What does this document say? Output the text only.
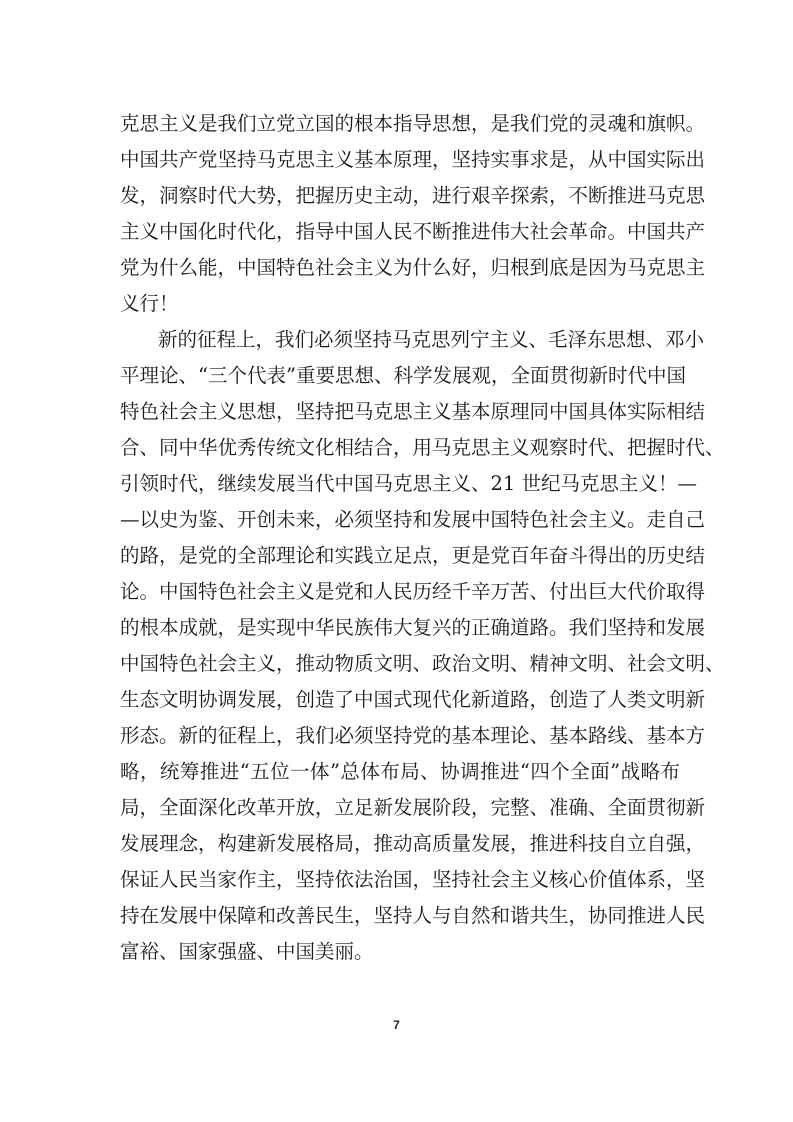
克思主义是我们立党立国的根本指导思想，是我们党的灵魂和旗帜。
中国共产党坚持马克思主义基本原理，坚持实事求是，从中国实际出
发，洞察时代大势，把握历史主动，进行艰辛探索，不断推进马克思
主义中国化时代化，指导中国人民不断推进伟大社会革命。中国共产
党为什么能，中国特色社会主义为什么好，归根到底是因为马克思主
义行！
新的征程上，我们必须坚持马克思列宁主义、毛泽东思想、邓小
平理论、“三个代表”重要思想、科学发展观，全面贯彻新时代中国
特色社会主义思想，坚持把马克思主义基本原理同中国具体实际相结
合、同中华优秀传统文化相结合，用马克思主义观察时代、把握时代、
引领时代，继续发展当代中国马克思主义、21 世纪马克思主义！—
—以史为鉴、开创未来，必须坚持和发展中国特色社会主义。走自己
的路，是党的全部理论和实践立足点，更是党百年奋斗得出的历史结
论。中国特色社会主义是党和人民历经千辛万苦、付出巨大代价取得
的根本成就，是实现中华民族伟大复兴的正确道路。我们坚持和发展
中国特色社会主义，推动物质文明、政治文明、精神文明、社会文明、
生态文明协调发展，创造了中国式现代化新道路，创造了人类文明新
形态。新的征程上，我们必须坚持党的基本理论、基本路线、基本方
略，统筹推进“五位一体”总体布局、协调推进“四个全面”战略布
局，全面深化改革开放，立足新发展阶段，完整、准确、全面贯彻新
发展理念，构建新发展格局，推动高质量发展，推进科技自立自强，
保证人民当家作主，坚持依法治国，坚持社会主义核心价值体系，坚
持在发展中保障和改善民生，坚持人与自然和谐共生，协同推进人民
富裕、国家强盛、中国美丽。
7
